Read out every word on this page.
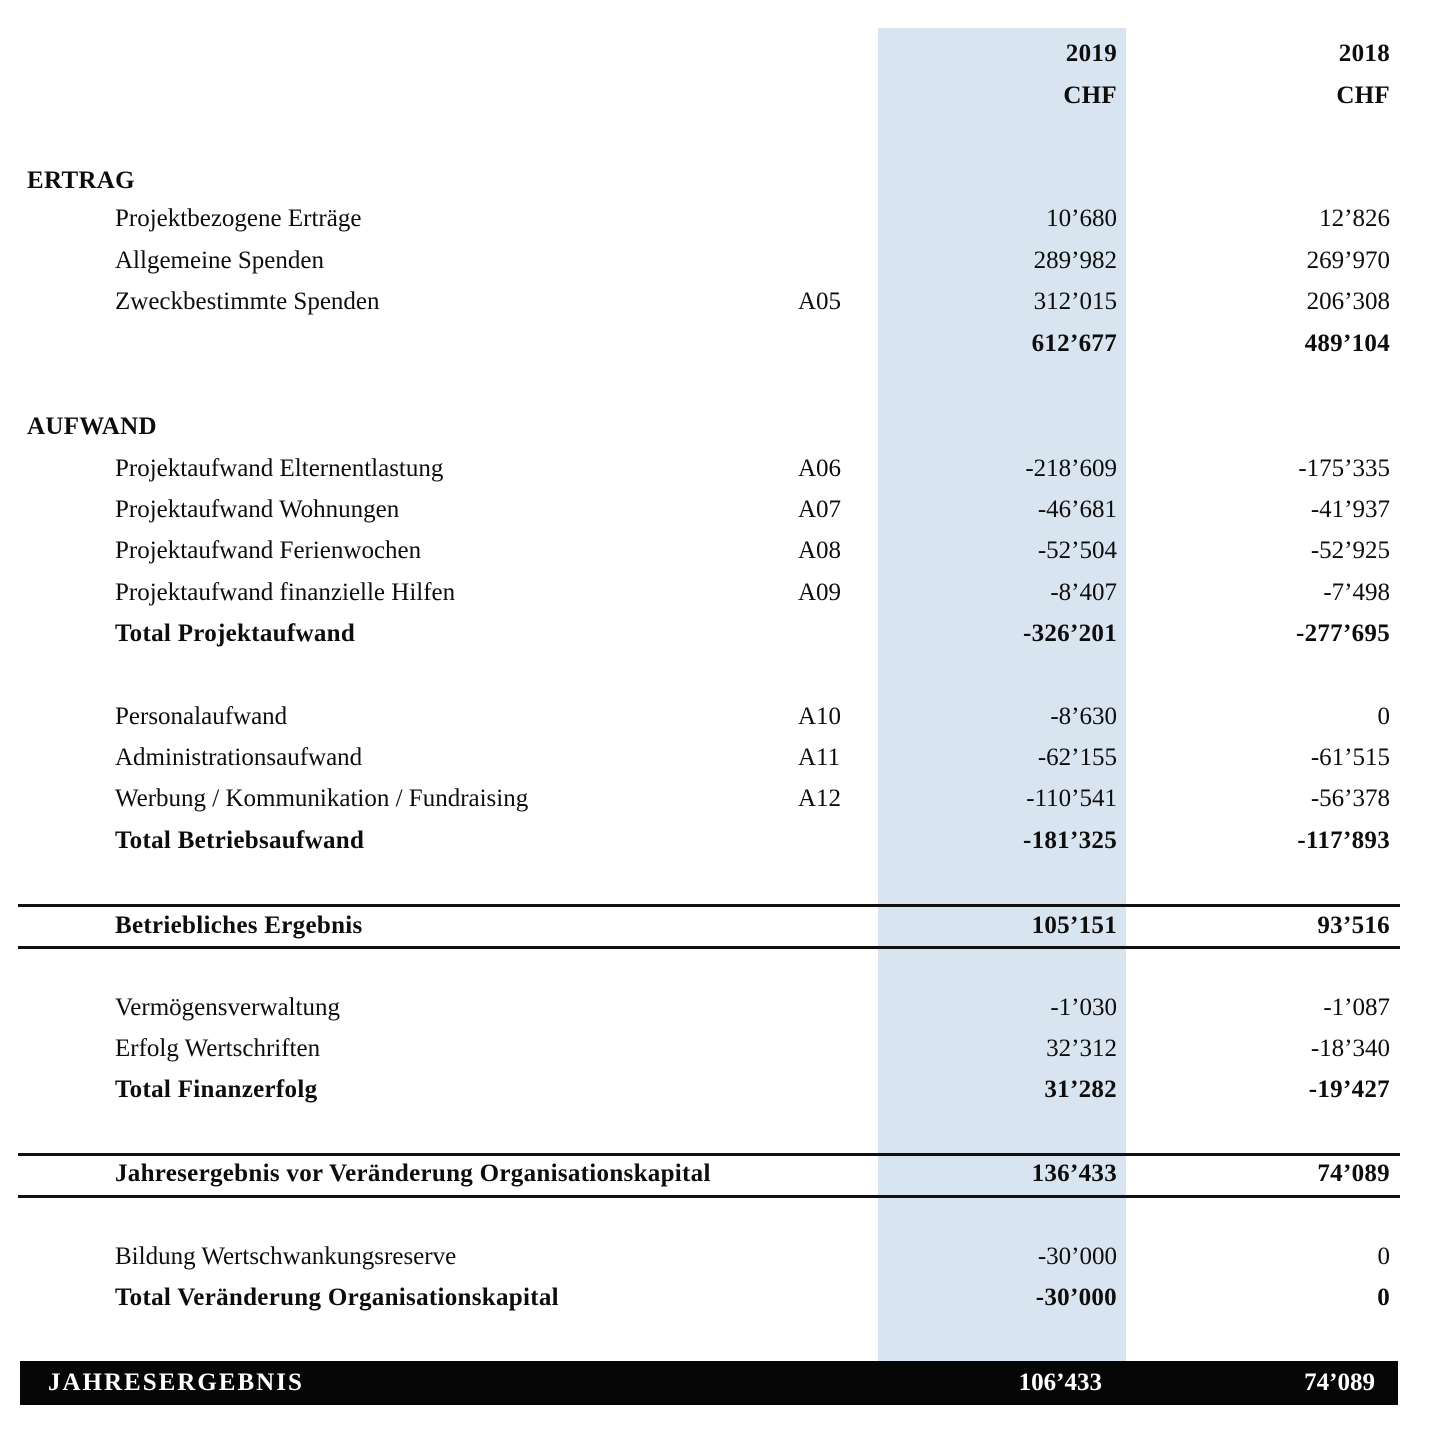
2019	2018
CHF	CHF
ERTRAG
Projektbezogene Erträge	10’680	12’826
Allgemeine Spenden	289’982	269’970
Zweckbestimmte Spenden	A05	312’015	206’308
612’677	489’104
AUFWAND
Projektaufwand Elternentlastung	A06	-218’609	-175’335
Projektaufwand Wohnungen	A07	-46’681	-41’937
Projektaufwand Ferienwochen	A08	-52’504	-52’925
Projektaufwand finanzielle Hilfen	A09	-8’407	-7’498
Total Projektaufwand	-326’201	-277’695
Personalaufwand	A10	-8’630	0
Administrationsaufwand	A11	-62’155	-61’515
Werbung / Kommunikation / Fundraising	A12	-110’541	-56’378
Total Betriebsaufwand	-181’325	-117’893
Betriebliches Ergebnis	105’151	93’516
Vermögensverwaltung	-1’030	-1’087
Erfolg Wertschriften	32’312	-18’340
Total Finanzerfolg	31’282	-19’427
Jahresergebnis vor Veränderung Organisationskapital	136’433	74’089
Bildung Wertschwankungsreserve	-30’000	0
Total Veränderung Organisationskapital	-30’000	0
JAHRESERGEBNIS	106’433	74’089
